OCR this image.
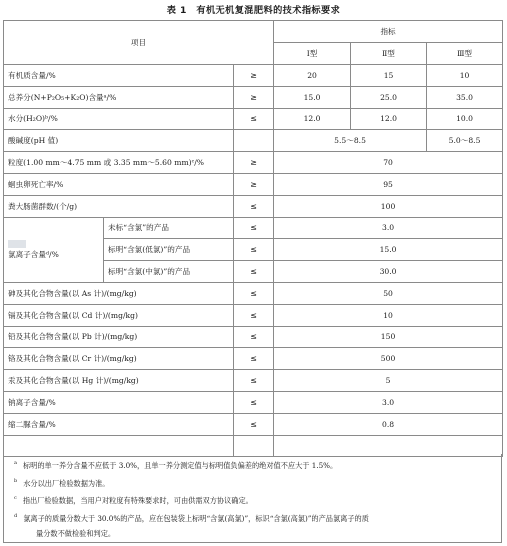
表 1　有机无机复混肥料的技术指标要求
项目			指标		
			Ⅰ型	Ⅱ型	Ⅲ型
有机质含量/%		≥	20	15	10
总养分(N+P₂O₅+K₂O)含量ᵃ/%		≥	15.0	25.0	35.0
水分(H₂O)ᵇ/%		≤	12.0	12.0	10.0
酸碱度(pH 值)			5.5～8.5		5.0～8.5
粒度(1.00 mm～4.75 mm 或 3.35 mm～5.60 mm)ᶜ/%		≥	70		
蛔虫卵死亡率/%		≥	95		
粪大肠菌群数/(个/g)		≤	100		

氯离子含量ᵈ/%	未标“含氯”的产品	≤	3.0		
	标明“含氯(低氯)”的产品	≤	15.0		
	标明“含氯(中氯)”的产品	≤	30.0		
砷及其化合物含量(以 As 计)/(mg/kg)		≤	50		
镉及其化合物含量(以 Cd 计)/(mg/kg)		≤	10		
铅及其化合物含量(以 Pb 计)/(mg/kg)		≤	150		
铬及其化合物含量(以 Cr 计)/(mg/kg)		≤	500		
汞及其化合物含量(以 Hg 计)/(mg/kg)		≤	5		
钠离子含量/%		≤	3.0		
缩二脲含量/%		≤	0.8		

$^a$ 标明的单一养分含量不应低于 3.0%，且单一养分测定值与标明值负偏差的绝对值不应大于 1.5%。
$^b$ 水分以出厂检验数据为准。
$^c$ 指出厂检验数据，当用户对粒度有特殊要求时，可由供需双方协议确定。
$^d$ 氯离子的质量分数大于 30.0%的产品，应在包装袋上标明“含氯(高氯)”，标识“含氯(高氯)”的产品氯离子的质
量分数不做检验和判定。
